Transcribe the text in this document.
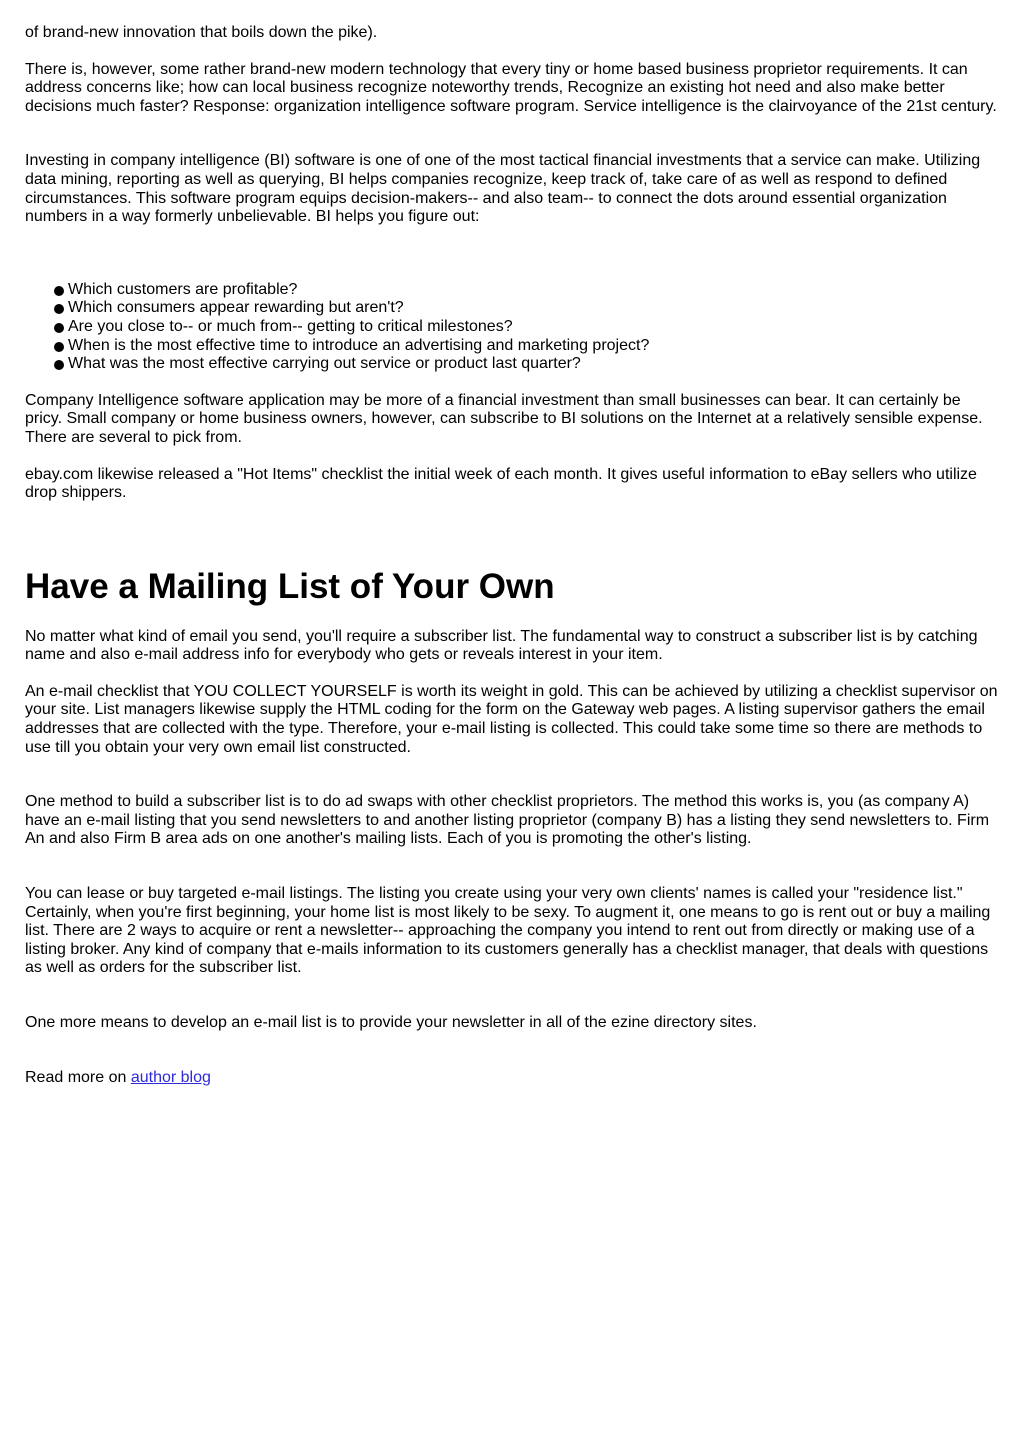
of brand-new innovation that boils down the pike).

There is, however, some rather brand-new modern technology that every tiny or home based business proprietor requirements. It can address concerns like; how can local business recognize noteworthy trends, Recognize an existing hot need and also make better decisions much faster? Response: organization intelligence software program. Service intelligence is the clairvoyance of the 21st century.

Investing in company intelligence (BI) software is one of one of the most tactical financial investments that a service can make. Utilizing data mining, reporting as well as querying, BI helps companies recognize, keep track of, take care of as well as respond to defined circumstances. This software program equips decision-makers-- and also team-- to connect the dots around essential organization numbers in a way formerly unbelievable. BI helps you figure out:

Which customers are profitable?
Which consumers appear rewarding but aren't?
Are you close to-- or much from-- getting to critical milestones?
When is the most effective time to introduce an advertising and marketing project?
What was the most effective carrying out service or product last quarter?

Company Intelligence software application may be more of a financial investment than small businesses can bear. It can certainly be pricy. Small company or home business owners, however, can subscribe to BI solutions on the Internet at a relatively sensible expense. There are several to pick from.

ebay.com likewise released a "Hot Items" checklist the initial week of each month. It gives useful information to eBay sellers who utilize drop shippers.

Have a Mailing List of Your Own

No matter what kind of email you send, you'll require a subscriber list. The fundamental way to construct a subscriber list is by catching name and also e-mail address info for everybody who gets or reveals interest in your item.

An e-mail checklist that YOU COLLECT YOURSELF is worth its weight in gold. This can be achieved by utilizing a checklist supervisor on your site. List managers likewise supply the HTML coding for the form on the Gateway web pages. A listing supervisor gathers the email addresses that are collected with the type. Therefore, your e-mail listing is collected. This could take some time so there are methods to use till you obtain your very own email list constructed.

One method to build a subscriber list is to do ad swaps with other checklist proprietors. The method this works is, you (as company A) have an e-mail listing that you send newsletters to and another listing proprietor (company B) has a listing they send newsletters to. Firm An and also Firm B area ads on one another's mailing lists. Each of you is promoting the other's listing.

You can lease or buy targeted e-mail listings. The listing you create using your very own clients' names is called your "residence list." Certainly, when you're first beginning, your home list is most likely to be sexy. To augment it, one means to go is rent out or buy a mailing list. There are 2 ways to acquire or rent a newsletter-- approaching the company you intend to rent out from directly or making use of a listing broker. Any kind of company that e-mails information to its customers generally has a checklist manager, that deals with questions as well as orders for the subscriber list.

One more means to develop an e-mail list is to provide your newsletter in all of the ezine directory sites.

Read more on author blog
